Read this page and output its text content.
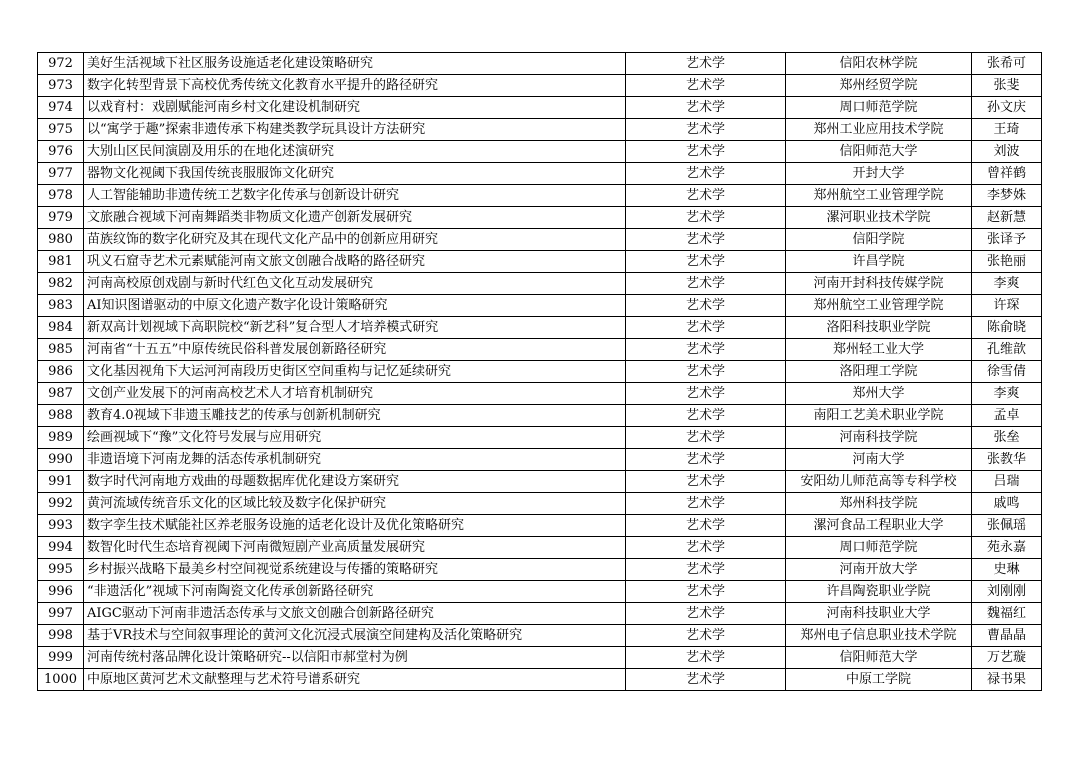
972	美好生活视域下社区服务设施适老化建设策略研究	艺术学	信阳农林学院	张希可
973	数字化转型背景下高校优秀传统文化教育水平提升的路径研究	艺术学	郑州经贸学院	张斐
974	以戏育村：戏剧赋能河南乡村文化建设机制研究	艺术学	周口师范学院	孙文庆
975	以“寓学于趣”探索非遗传承下构建类教学玩具设计方法研究	艺术学	郑州工业应用技术学院	王琦
976	大别山区民间演剧及用乐的在地化述演研究	艺术学	信阳师范大学	刘波
977	器物文化视阈下我国传统丧服服饰文化研究	艺术学	开封大学	曾祥鹤
978	人工智能辅助非遗传统工艺数字化传承与创新设计研究	艺术学	郑州航空工业管理学院	李梦姝
979	文旅融合视域下河南舞蹈类非物质文化遗产创新发展研究	艺术学	漯河职业技术学院	赵新慧
980	苗族纹饰的数字化研究及其在现代文化产品中的创新应用研究	艺术学	信阳学院	张译予
981	巩义石窟寺艺术元素赋能河南文旅文创融合战略的路径研究	艺术学	许昌学院	张艳丽
982	河南高校原创戏剧与新时代红色文化互动发展研究	艺术学	河南开封科技传媒学院	李爽
983	AI知识图谱驱动的中原文化遗产数字化设计策略研究	艺术学	郑州航空工业管理学院	许琛
984	新双高计划视域下高职院校“新艺科”复合型人才培养模式研究	艺术学	洛阳科技职业学院	陈俞晓
985	河南省“十五五”中原传统民俗科普发展创新路径研究	艺术学	郑州轻工业大学	孔维歆
986	文化基因视角下大运河河南段历史街区空间重构与记忆延续研究	艺术学	洛阳理工学院	徐雪倩
987	文创产业发展下的河南高校艺术人才培育机制研究	艺术学	郑州大学	李爽
988	教育4.0视域下非遗玉雕技艺的传承与创新机制研究	艺术学	南阳工艺美术职业学院	孟卓
989	绘画视域下“豫”文化符号发展与应用研究	艺术学	河南科技学院	张垒
990	非遗语境下河南龙舞的活态传承机制研究	艺术学	河南大学	张教华
991	数字时代河南地方戏曲的母题数据库优化建设方案研究	艺术学	安阳幼儿师范高等专科学校	吕瑞
992	黄河流域传统音乐文化的区域比较及数字化保护研究	艺术学	郑州科技学院	戚鸣
993	数字孪生技术赋能社区养老服务设施的适老化设计及优化策略研究	艺术学	漯河食品工程职业大学	张佩瑶
994	数智化时代生态培育视阈下河南微短剧产业高质量发展研究	艺术学	周口师范学院	苑永嘉
995	乡村振兴战略下最美乡村空间视觉系统建设与传播的策略研究	艺术学	河南开放大学	史琳
996	“非遗活化”视域下河南陶瓷文化传承创新路径研究	艺术学	许昌陶瓷职业学院	刘刚刚
997	AIGC驱动下河南非遗活态传承与文旅文创融合创新路径研究	艺术学	河南科技职业大学	魏福红
998	基于VR技术与空间叙事理论的黄河文化沉浸式展演空间建构及活化策略研究	艺术学	郑州电子信息职业技术学院	曹晶晶
999	河南传统村落品牌化设计策略研究--以信阳市郝堂村为例	艺术学	信阳师范大学	万艺璇
1000	中原地区黄河艺术文献整理与艺术符号谱系研究	艺术学	中原工学院	禄书果
